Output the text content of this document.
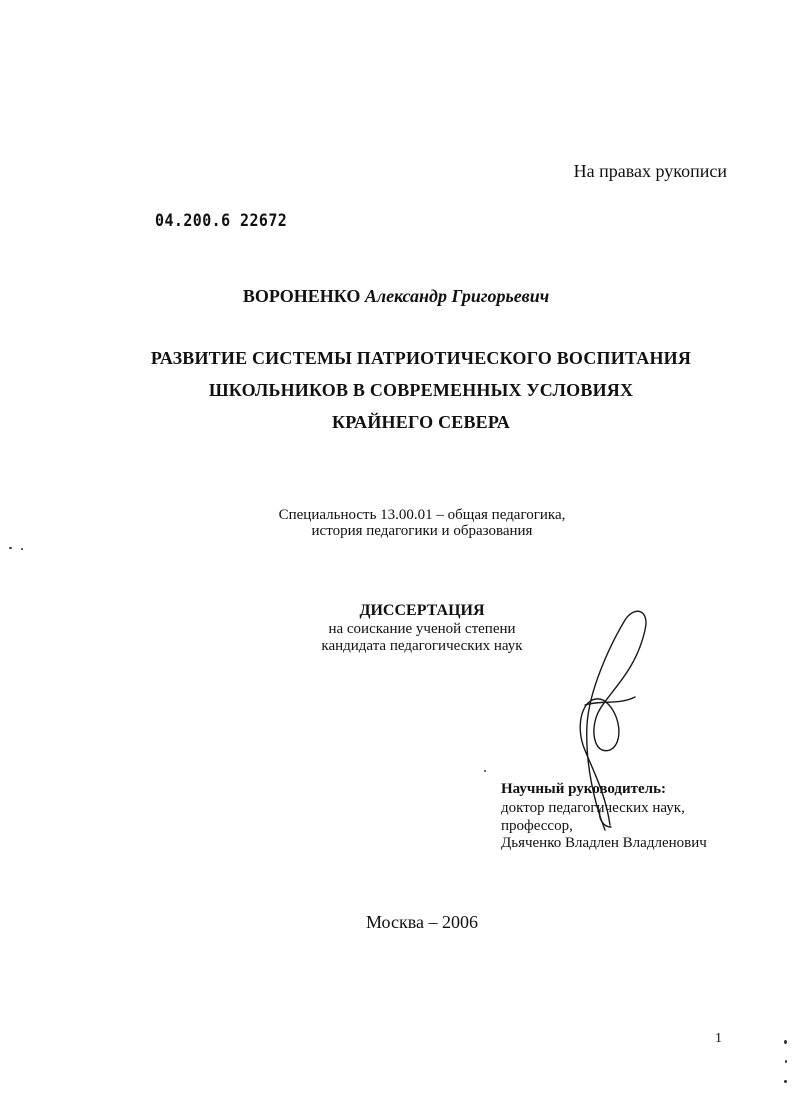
На правах рукописи

04.200.6 22672

ВОРОНЕНКО Александр Григорьевич

РАЗВИТИЕ СИСТЕМЫ ПАТРИОТИЧЕСКОГО ВОСПИТАНИЯ

ШКОЛЬНИКОВ В СОВРЕМЕННЫХ УСЛОВИЯХ

КРАЙНЕГО СЕВЕРА

Специальность 13.00.01 – общая педагогика,

история педагогики и образования

ДИССЕРТАЦИЯ

на соискание ученой степени

кандидата педагогических наук

Научный руководитель:

доктор педагогических наук,

профессор,

Дьяченко Владлен Владленович

Москва – 2006

1
